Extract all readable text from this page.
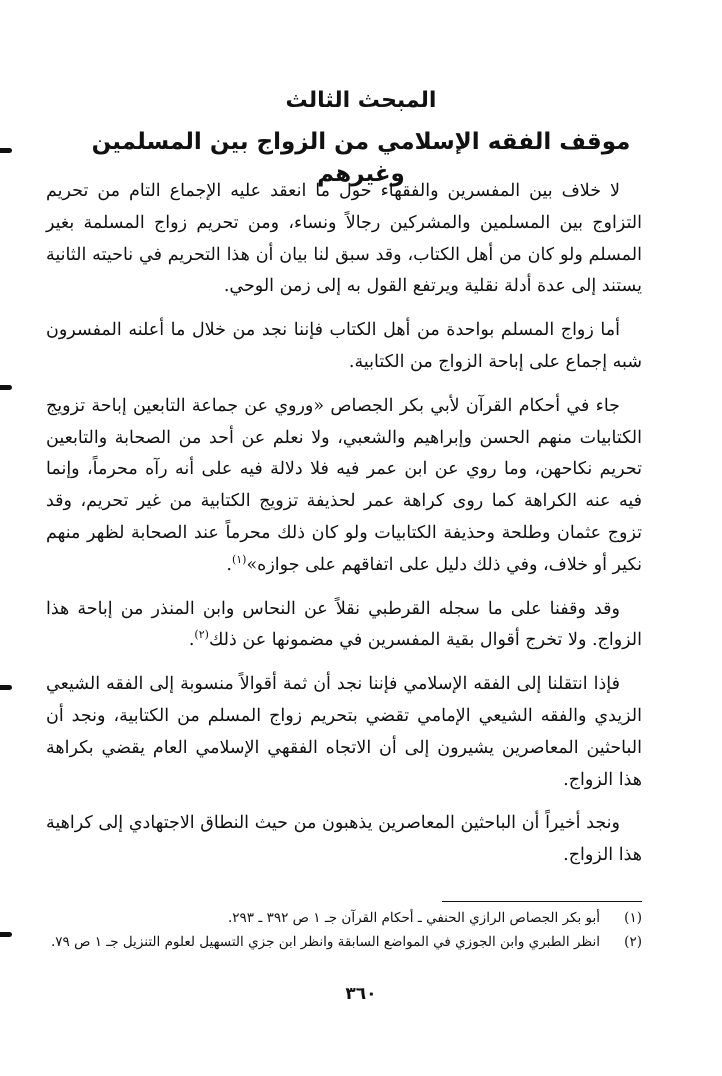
المبحث الثالث
موقف الفقه الإسلامي من الزواج بين المسلمين وغيرهم

لا خلاف بين المفسرين والفقهاء حول ما انعقد عليه الإجماع التام من تحريم التزاوج بين المسلمين والمشركين رجالاً ونساء، ومن تحريم زواج المسلمة بغير المسلم ولو كان من أهل الكتاب، وقد سبق لنا بيان أن هذا التحريم في ناحيته الثانية يستند إلى عدة أدلة نقلية ويرتفع القول به إلى زمن الوحي.

أما زواج المسلم بواحدة من أهل الكتاب فإننا نجد من خلال ما أعلنه المفسرون شبه إجماع على إباحة الزواج من الكتابية.

جاء في أحكام القرآن لأبي بكر الجصاص «وروي عن جماعة التابعين إباحة تزويج الكتابيات منهم الحسن وإبراهيم والشعبي، ولا نعلم عن أحد من الصحابة والتابعين تحريم نكاحهن، وما روي عن ابن عمر فيه فلا دلالة فيه على أنه رآه محرماً، وإنما فيه عنه الكراهة كما روى كراهة عمر لحذيفة تزويج الكتابية من غير تحريم، وقد تزوج عثمان وطلحة وحذيفة الكتابيات ولو كان ذلك محرماً عند الصحابة لظهر منهم نكير أو خلاف، وفي ذلك دليل على اتفاقهم على جوازه»$^{(١)}$.

وقد وقفنا على ما سجله القرطبي نقلاً عن النحاس وابن المنذر من إباحة هذا الزواج. ولا تخرج أقوال بقية المفسرين في مضمونها عن ذلك$^{(٢)}$.

فإذا انتقلنا إلى الفقه الإسلامي فإننا نجد أن ثمة أقوالاً منسوبة إلى الفقه الشيعي الزيدي والفقه الشيعي الإمامي تقضي بتحريم زواج المسلم من الكتابية، ونجد أن الباحثين المعاصرين يشيرون إلى أن الاتجاه الفقهي الإسلامي العام يقضي بكراهة هذا الزواج.

ونجد أخيراً أن الباحثين المعاصرين يذهبون من حيث النطاق الاجتهادي إلى كراهية هذا الزواج.

(١)
أبو بكر الجصاص الرازي الحنفي ـ أحكام القرآن جـ ١ ص ٣٩٢ ـ ٢٩٣.
(٢)
انظر الطبري وابن الجوزي في المواضع السابقة وانظر ابن جزي التسهيل لعلوم التنزيل جـ ١ ص ٧٩.
٣٦٠
